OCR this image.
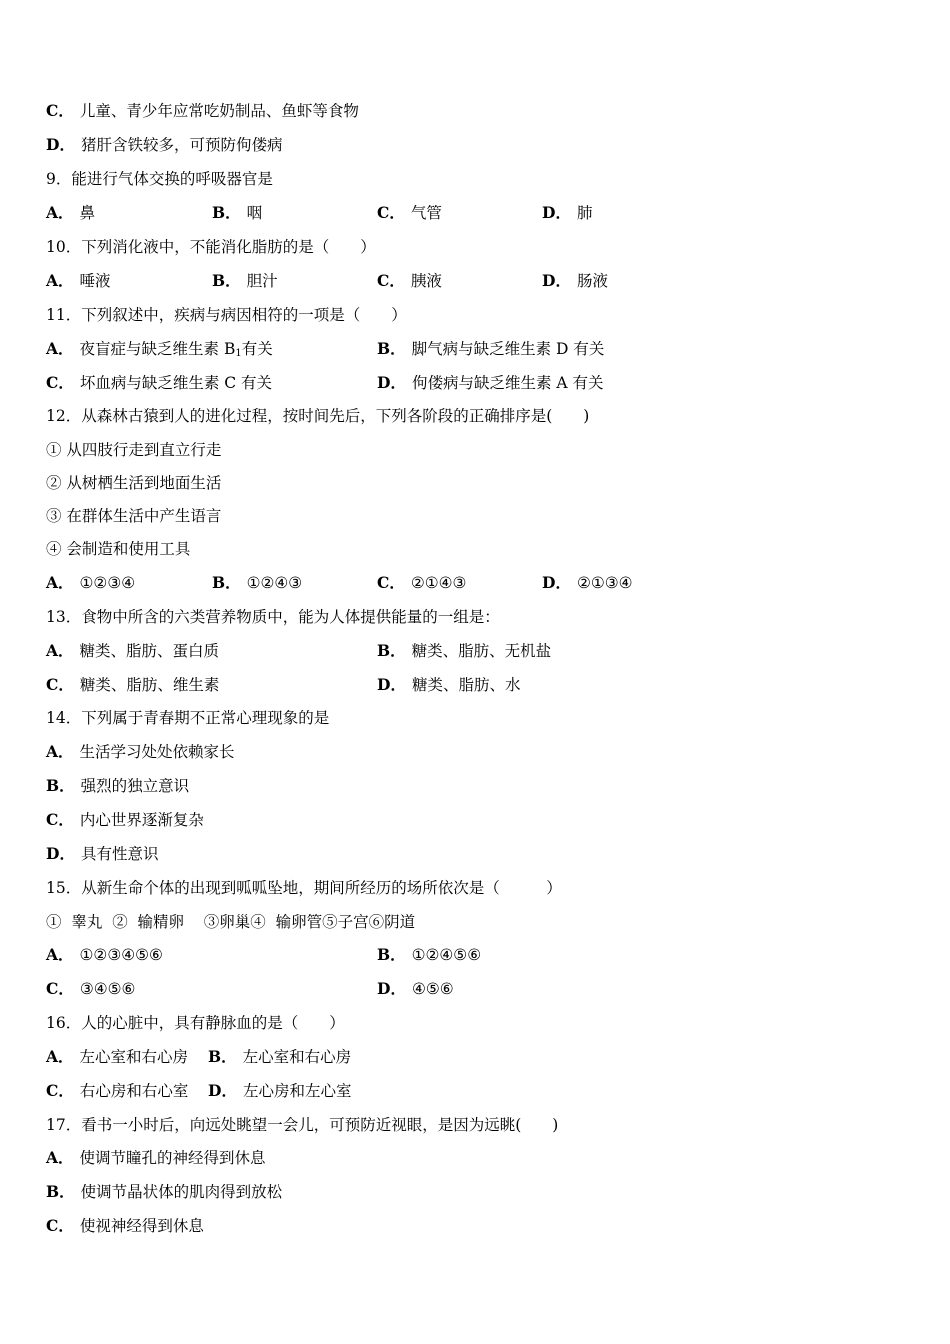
C． 儿童、青少年应常吃奶制品、鱼虾等食物
D． 猪肝含铁较多，可预防佝偻病
9．能进行气体交换的呼吸器官是
A． 鼻	B． 咽	C． 气管	D． 肺
10．下列消化液中，不能消化脂肪的是（　　）
A． 唾液	B． 胆汁	C． 胰液	D． 肠液
11．下列叙述中，疾病与病因相符的一项是（　　）
A． 夜盲症与缺乏维生素 $B_1$有关	B． 脚气病与缺乏维生素 D 有关
C． 坏血病与缺乏维生素 C 有关	D． 佝偻病与缺乏维生素 A 有关
12．从森林古猿到人的进化过程，按时间先后，下列各阶段的正确排序是(　　)
① 从四肢行走到直立行走
② 从树栖生活到地面生活
③ 在群体生活中产生语言
④ 会制造和使用工具
A． ①②③④	B． ①②④③	C． ②①④③	D． ②①③④
13．食物中所含的六类营养物质中，能为人体提供能量的一组是：
A． 糖类、脂肪、蛋白质	B． 糖类、脂肪、无机盐
C． 糖类、脂肪、维生素	D． 糖类、脂肪、水
14．下列属于青春期不正常心理现象的是
A． 生活学习处处依赖家长
B． 强烈的独立意识
C． 内心世界逐渐复杂
D． 具有性意识
15．从新生命个体的出现到呱呱坠地，期间所经历的场所依次是（　　　）
①  睾丸  ②  输精卵    ③卵巢④  输卵管⑤子宫⑥阴道
A． ①②③④⑤⑥	B． ①②④⑤⑥
C． ③④⑤⑥	D． ④⑤⑥
16．人的心脏中，具有静脉血的是（　　）
A． 左心室和右心房 B． 左心室和右心房
C． 右心房和右心室 D． 左心房和左心室
17．看书一小时后，向远处眺望一会儿，可预防近视眼，是因为远眺(　　)
A． 使调节瞳孔的神经得到休息
B． 使调节晶状体的肌肉得到放松
C． 使视神经得到休息
